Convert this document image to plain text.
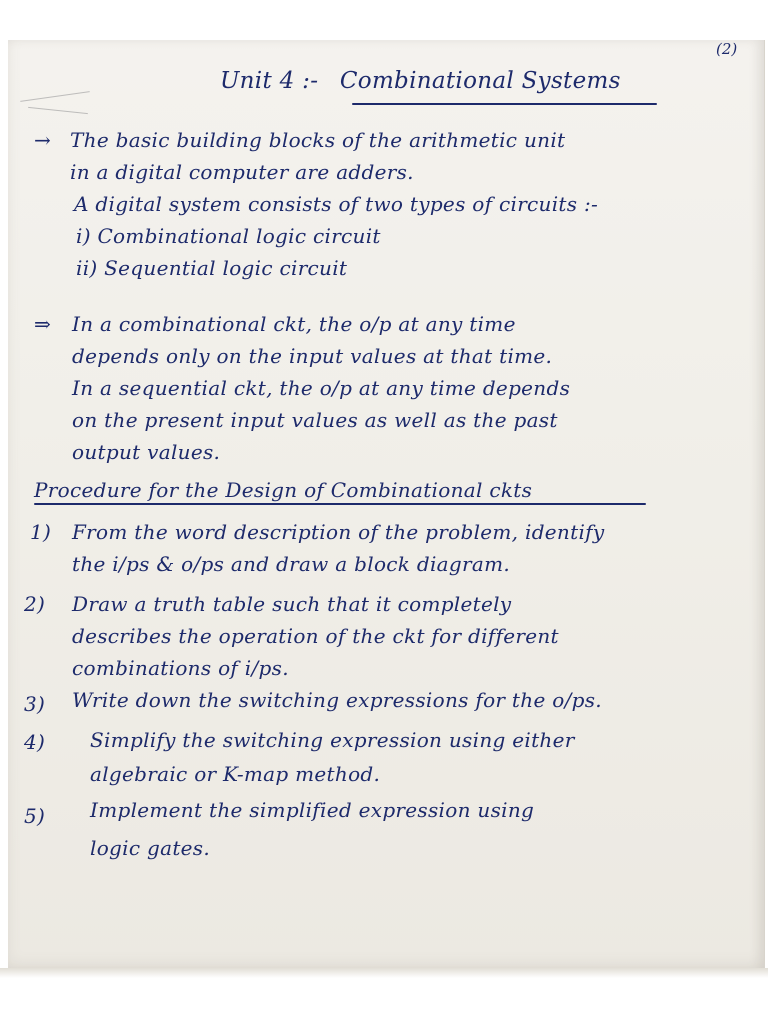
(2)
Unit 4 :- Combinational Systems
→ The basic building blocks of the arithmetic unit
in a digital computer are adders.
A digital system consists of two types of circuits :-
i) Combinational logic circuit
ii) Sequential logic circuit
⇒ In a combinational ckt, the o/p at any time
depends only on the input values at that time.
In a sequential ckt, the o/p at any time depends
on the present input values as well as the past
output values.
Procedure for the Design of Combinational ckts
1) From the word description of the problem, identify
the i/ps & o/ps and draw a block diagram.
2) Draw a truth table such that it completely
describes the operation of the ckt for different
combinations of i/ps.
3) Write down the switching expressions for the o/ps.
4) Simplify the switching expression using either
algebraic or K-map method.
5) Implement the simplified expression using
logic gates.
